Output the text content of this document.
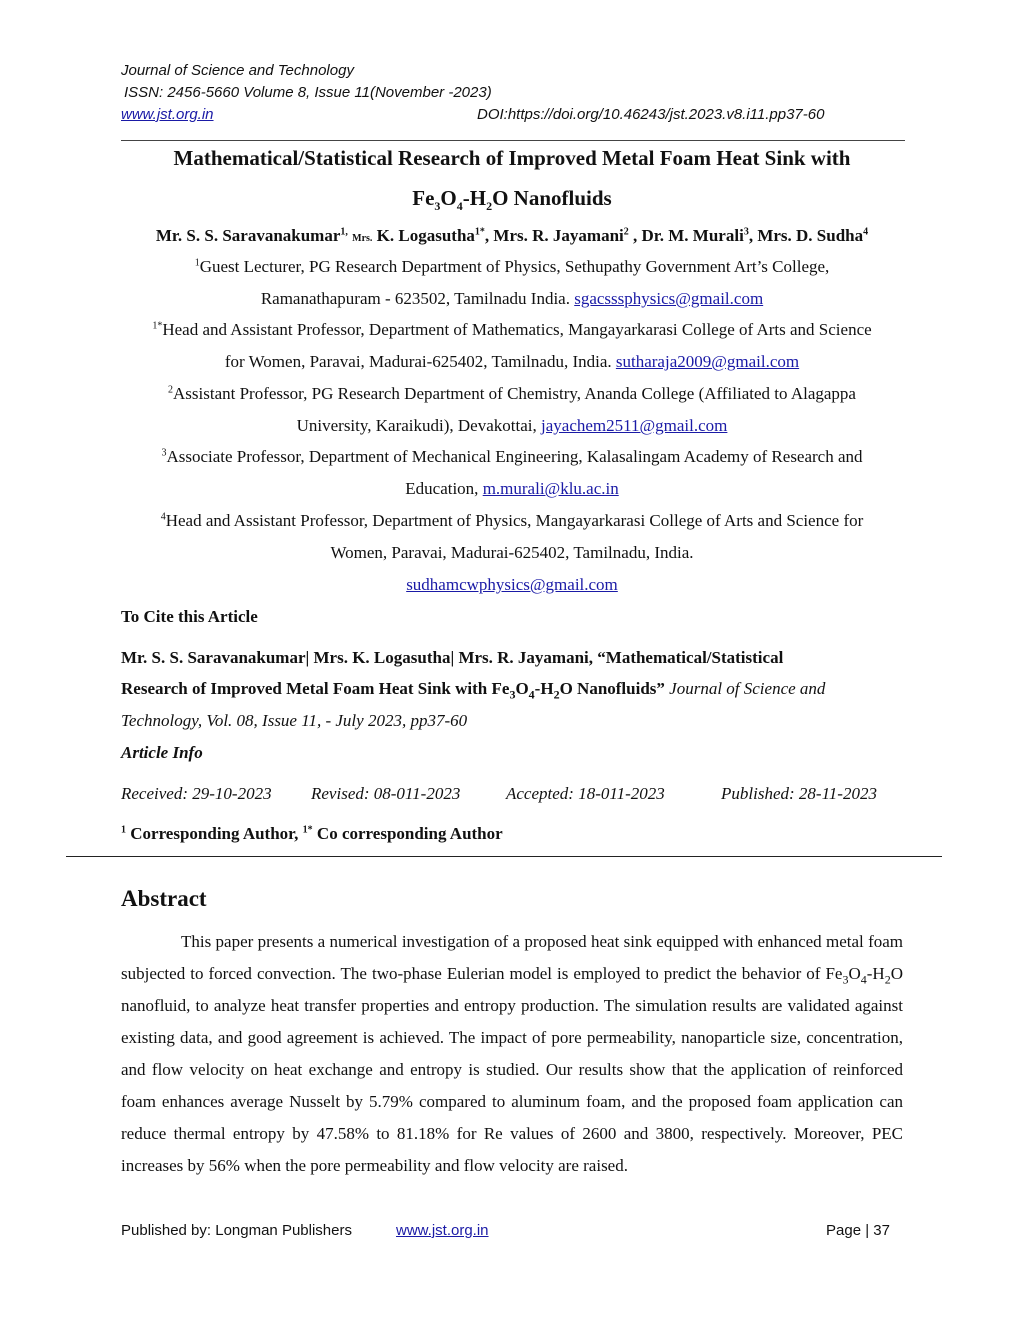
Journal of Science and Technology
ISSN: 2456-5660 Volume 8, Issue 11(November -2023)
www.jst.org.in	DOI:https://doi.org/10.46243/jst.2023.v8.i11.pp37-60
Mathematical/Statistical Research of Improved Metal Foam Heat Sink with
$Fe_3O_4-H_2O$ Nanofluids
Mr. S. S. Saravanakumar$^{1,}$ Mrs. K. Logasutha$^{1*}$, Mrs. R. Jayamani$^2$ , Dr. M. Murali$^3$, Mrs. D. Sudha$^4$
$^1$Guest Lecturer, PG Research Department of Physics, Sethupathy Government Art’s College,
Ramanathapuram - 623502, Tamilnadu India. sgacsssphysics@gmail.com
$^{1*}$Head and Assistant Professor, Department of Mathematics, Mangayarkarasi College of Arts and Science
for Women, Paravai, Madurai-625402, Tamilnadu, India. sutharaja2009@gmail.com
$^2$Assistant Professor, PG Research Department of Chemistry, Ananda College (Affiliated to Alagappa
University, Karaikudi), Devakottai, jayachem2511@gmail.com
$^3$Associate Professor, Department of Mechanical Engineering, Kalasalingam Academy of Research and
Education, m.murali@klu.ac.in
$^4$Head and Assistant Professor, Department of Physics, Mangayarkarasi College of Arts and Science for
Women, Paravai, Madurai-625402, Tamilnadu, India.
sudhamcwphysics@gmail.com
To Cite this Article
Mr. S. S. Saravanakumar| Mrs. K. Logasutha| Mrs. R. Jayamani, “Mathematical/Statistical
Research of Improved Metal Foam Heat Sink with $Fe_3O_4-H_2O$ Nanofluids” Journal of Science and
Technology, Vol. 08, Issue 11, - July 2023, pp37-60
Article Info
Received: 29-10-2023 Revised: 08-011-2023	Accepted: 18-011-2023	Published: 28-11-2023
$^1$ Corresponding Author, $^{1*}$ Co corresponding Author
Abstract

This paper presents a numerical investigation of a proposed heat sink equipped with enhanced metal foam subjected to forced convection. The two-phase Eulerian model is employed to predict the behavior of $Fe_3O_4-H_2O$ nanofluid, to analyze heat transfer properties and entropy production. The simulation results are validated against existing data, and good agreement is achieved. The impact of pore permeability, nanoparticle size, concentration, and flow velocity on heat exchange and entropy is studied. Our results show that the application of reinforced foam enhances average Nusselt by 5.79% compared to aluminum foam, and the proposed foam application can reduce thermal entropy by 47.58% to 81.18% for Re values of 2600 and 3800, respectively. Moreover, PEC increases by 56% when the pore permeability and flow velocity are raised.

Published by: Longman Publishers	www.jst.org.in	Page | 37
